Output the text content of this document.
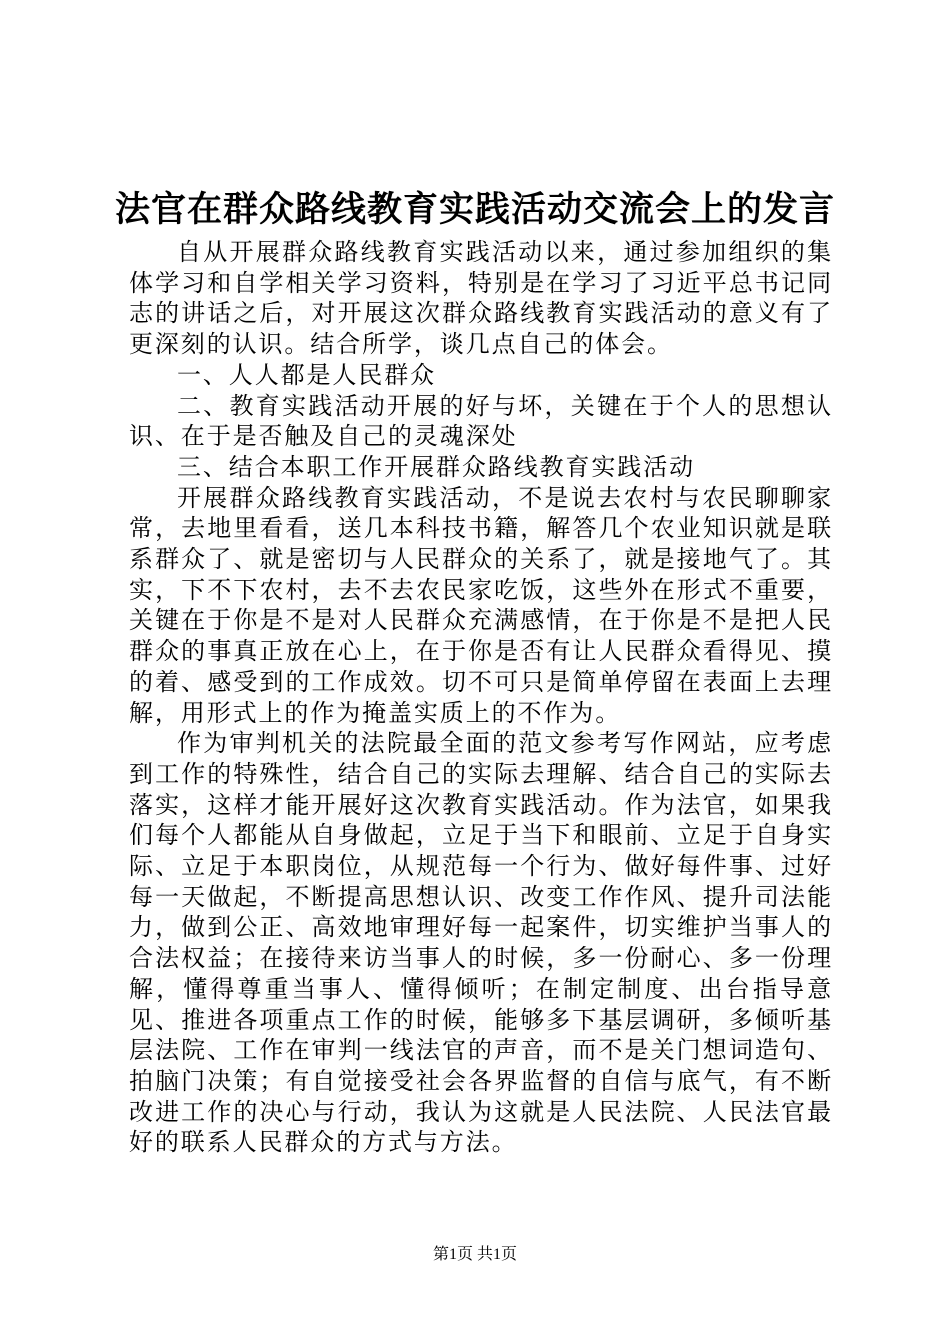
法官在群众路线教育实践活动交流会上的发言

自从开展群众路线教育实践活动以来，通过参加组织的集体学习和自学相关学习资料，特别是在学习了习近平总书记同志的讲话之后，对开展这次群众路线教育实践活动的意义有了更深刻的认识。结合所学，谈几点自己的体会。

一、人人都是人民群众

二、教育实践活动开展的好与坏，关键在于个人的思想认识、在于是否触及自己的灵魂深处

三、结合本职工作开展群众路线教育实践活动

开展群众路线教育实践活动，不是说去农村与农民聊聊家常，去地里看看，送几本科技书籍，解答几个农业知识就是联系群众了、就是密切与人民群众的关系了，就是接地气了。其实，下不下农村，去不去农民家吃饭，这些外在形式不重要，关键在于你是不是对人民群众充满感情，在于你是不是把人民群众的事真正放在心上，在于你是否有让人民群众看得见、摸的着、感受到的工作成效。切不可只是简单停留在表面上去理解，用形式上的作为掩盖实质上的不作为。

作为审判机关的法院最全面的范文参考写作网站，应考虑到工作的特殊性，结合自己的实际去理解、结合自己的实际去落实，这样才能开展好这次教育实践活动。作为法官，如果我们每个人都能从自身做起，立足于当下和眼前、立足于自身实际、立足于本职岗位，从规范每一个行为、做好每件事、过好每一天做起，不断提高思想认识、改变工作作风、提升司法能力，做到公正、高效地审理好每一起案件，切实维护当事人的合法权益；在接待来访当事人的时候，多一份耐心、多一份理解，懂得尊重当事人、懂得倾听；在制定制度、出台指导意见、推进各项重点工作的时候，能够多下基层调研，多倾听基层法院、工作在审判一线法官的声音，而不是关门想词造句、拍脑门决策；有自觉接受社会各界监督的自信与底气，有不断改进工作的决心与行动，我认为这就是人民法院、人民法官最好的联系人民群众的方式与方法。

第1页 共1页
